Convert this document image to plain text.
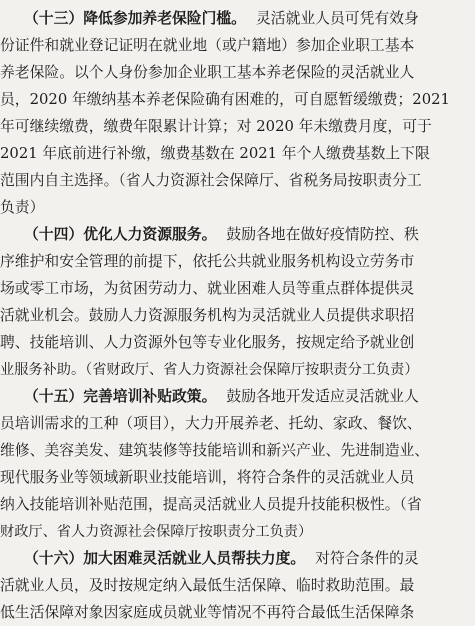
（十三）降低参加养老保险门槛。 灵活就业人员可凭有效身
份证件和就业登记证明在就业地（或户籍地）参加企业职工基本
养老保险。以个人身份参加企业职工基本养老保险的灵活就业人
员，2020 年缴纳基本养老保险确有困难的，可自愿暂缓缴费；2021
年可继续缴费，缴费年限累计计算；对 2020 年未缴费月度，可于
2021 年底前进行补缴，缴费基数在 2021 年个人缴费基数上下限
范围内自主选择。（省人力资源社会保障厅、省税务局按职责分工
负责）
（十四）优化人力资源服务。 鼓励各地在做好疫情防控、秩
序维护和安全管理的前提下，依托公共就业服务机构设立劳务市
场或零工市场，为贫困劳动力、就业困难人员等重点群体提供灵
活就业机会。鼓励人力资源服务机构为灵活就业人员提供求职招
聘、技能培训、人力资源外包等专业化服务，按规定给予就业创
业服务补助。（省财政厅、省人力资源社会保障厅按职责分工负责）
（十五）完善培训补贴政策。 鼓励各地开发适应灵活就业人
员培训需求的工种（项目），大力开展养老、托幼、家政、餐饮、
维修、美容美发、建筑装修等技能培训和新兴产业、先进制造业、
现代服务业等领域新职业技能培训，将符合条件的灵活就业人员
纳入技能培训补贴范围，提高灵活就业人员提升技能积极性。（省
财政厅、省人力资源社会保障厅按职责分工负责）
（十六）加大困难灵活就业人员帮扶力度。 对符合条件的灵
活就业人员，及时按规定纳入最低生活保障、临时救助范围。最
低生活保障对象因家庭成员就业等情况不再符合最低生活保障条
